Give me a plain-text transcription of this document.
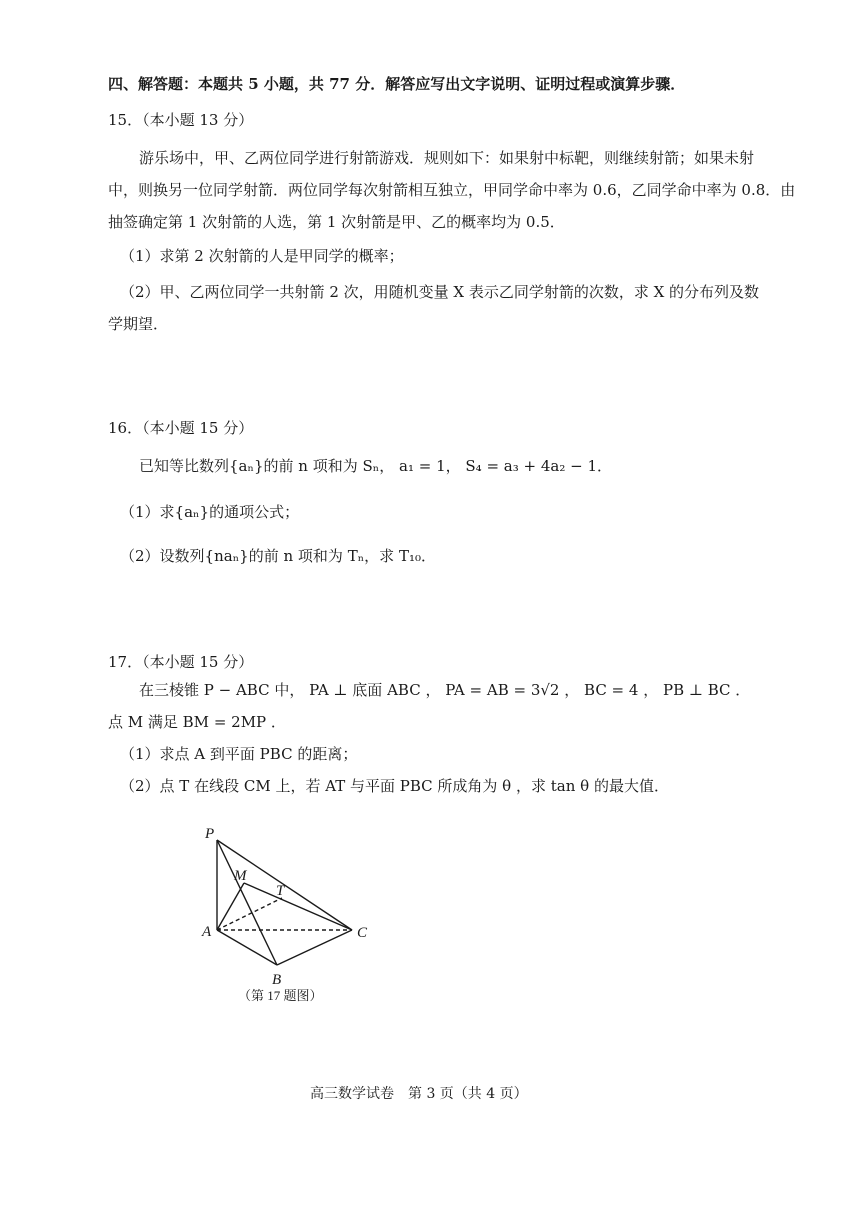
四、解答题：本题共 5 小题，共 77 分．解答应写出文字说明、证明过程或演算步骤．
15．（本小题 13 分）
游乐场中，甲、乙两位同学进行射箭游戏．规则如下：如果射中标靶，则继续射箭；如果未射
中，则换另一位同学射箭．两位同学每次射箭相互独立，甲同学命中率为 0.6，乙同学命中率为 0.8．由
抽签确定第 1 次射箭的人选，第 1 次射箭是甲、乙的概率均为 0.5．
（1）求第 2 次射箭的人是甲同学的概率；
（2）甲、乙两位同学一共射箭 2 次，用随机变量 X 表示乙同学射箭的次数，求 X 的分布列及数
学期望．
16．（本小题 15 分）
已知等比数列{aₙ}的前 n 项和为 Sₙ， a₁ = 1， S₄ = a₃ + 4a₂ − 1．
（1）求{aₙ}的通项公式；
（2）设数列{naₙ}的前 n 项和为 Tₙ，求 T₁₀．
17．（本小题 15 分）
在三棱锥 P − ABC 中， PA ⊥ 底面 ABC ， PA = AB = 3√2 ， BC = 4 ， PB ⊥ BC ．
点 M 满足 BM = 2MP ．
（1）求点 A 到平面 PBC 的距离；
（2）点 T 在线段 CM 上，若 AT 与平面 PBC 所成角为 θ ，求 tan θ 的最大值．
P
M
T
A	C
B
（第 17 题图）
高三数学试卷　第 3 页（共 4 页）
